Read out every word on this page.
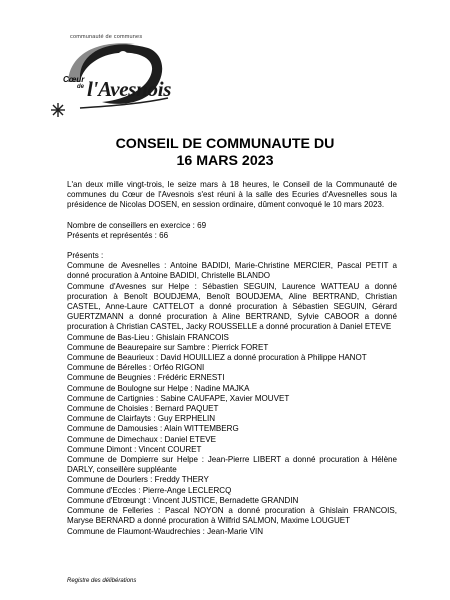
communauté de communes
Cœur
de l'Avesnois
CONSEIL DE COMMUNAUTE DU
16 MARS 2023

L'an deux mille vingt-trois, le seize mars à 18 heures, le Conseil de la Communauté de communes du Cœur de l'Avesnois s'est réuni à la salle des Ecuries d'Avesnelles sous la présidence de Nicolas DOSEN, en session ordinaire, dûment convoqué le 10 mars 2023.

Nombre de conseillers en exercice : 69

Présents et représentés : 66

Présents :

Commune de Avesnelles : Antoine BADIDI, Marie-Christine MERCIER, Pascal PETIT a donné procuration à Antoine BADIDI, Christelle BLANDO

Commune d'Avesnes sur Helpe : Sébastien SEGUIN, Laurence WATTEAU a donné procuration à Benoît BOUDJEMA, Benoît BOUDJEMA, Aline BERTRAND, Christian CASTEL, Anne-Laure CATTELOT a donné procuration à Sébastien SEGUIN, Gérard GUERTZMANN a donné procuration à Aline BERTRAND, Sylvie CABOOR a donné procuration à Christian CASTEL, Jacky ROUSSELLE a donné procuration à Daniel ETEVE

Commune de Bas-Lieu : Ghislain FRANCOIS

Commune de Beaurepaire sur Sambre : Pierrick FORET

Commune de Beaurieux : David HOUILLIEZ a donné procuration à Philippe HANOT

Commune de Bérelles : Orféo RIGONI

Commune de Beugnies : Frédéric ERNESTI

Commune de Boulogne sur Helpe : Nadine MAJKA

Commune de Cartignies : Sabine CAUFAPE, Xavier MOUVET

Commune de Choisies : Bernard PAQUET

Commune de Clairfayts : Guy ERPHELIN

Commune de Damousies : Alain WITTEMBERG

Commune de Dimechaux : Daniel ETEVE

Commune Dimont : Vincent COURET

Commune de Dompierre sur Helpe : Jean-Pierre LIBERT a donné procuration à Hélène DARLY, conseillère suppléante

Commune de Dourlers : Freddy THERY

Commune d'Eccles : Pierre-Ange LECLERCQ

Commune d'Etrœungt : Vincent JUSTICE, Bernadette GRANDIN

Commune de Felleries : Pascal NOYON a donné procuration à Ghislain FRANCOIS, Maryse BERNARD a donné procuration à Wilfrid SALMON, Maxime LOUGUET

Commune de Flaumont-Waudrechies : Jean-Marie VIN

Registre des délibérations
